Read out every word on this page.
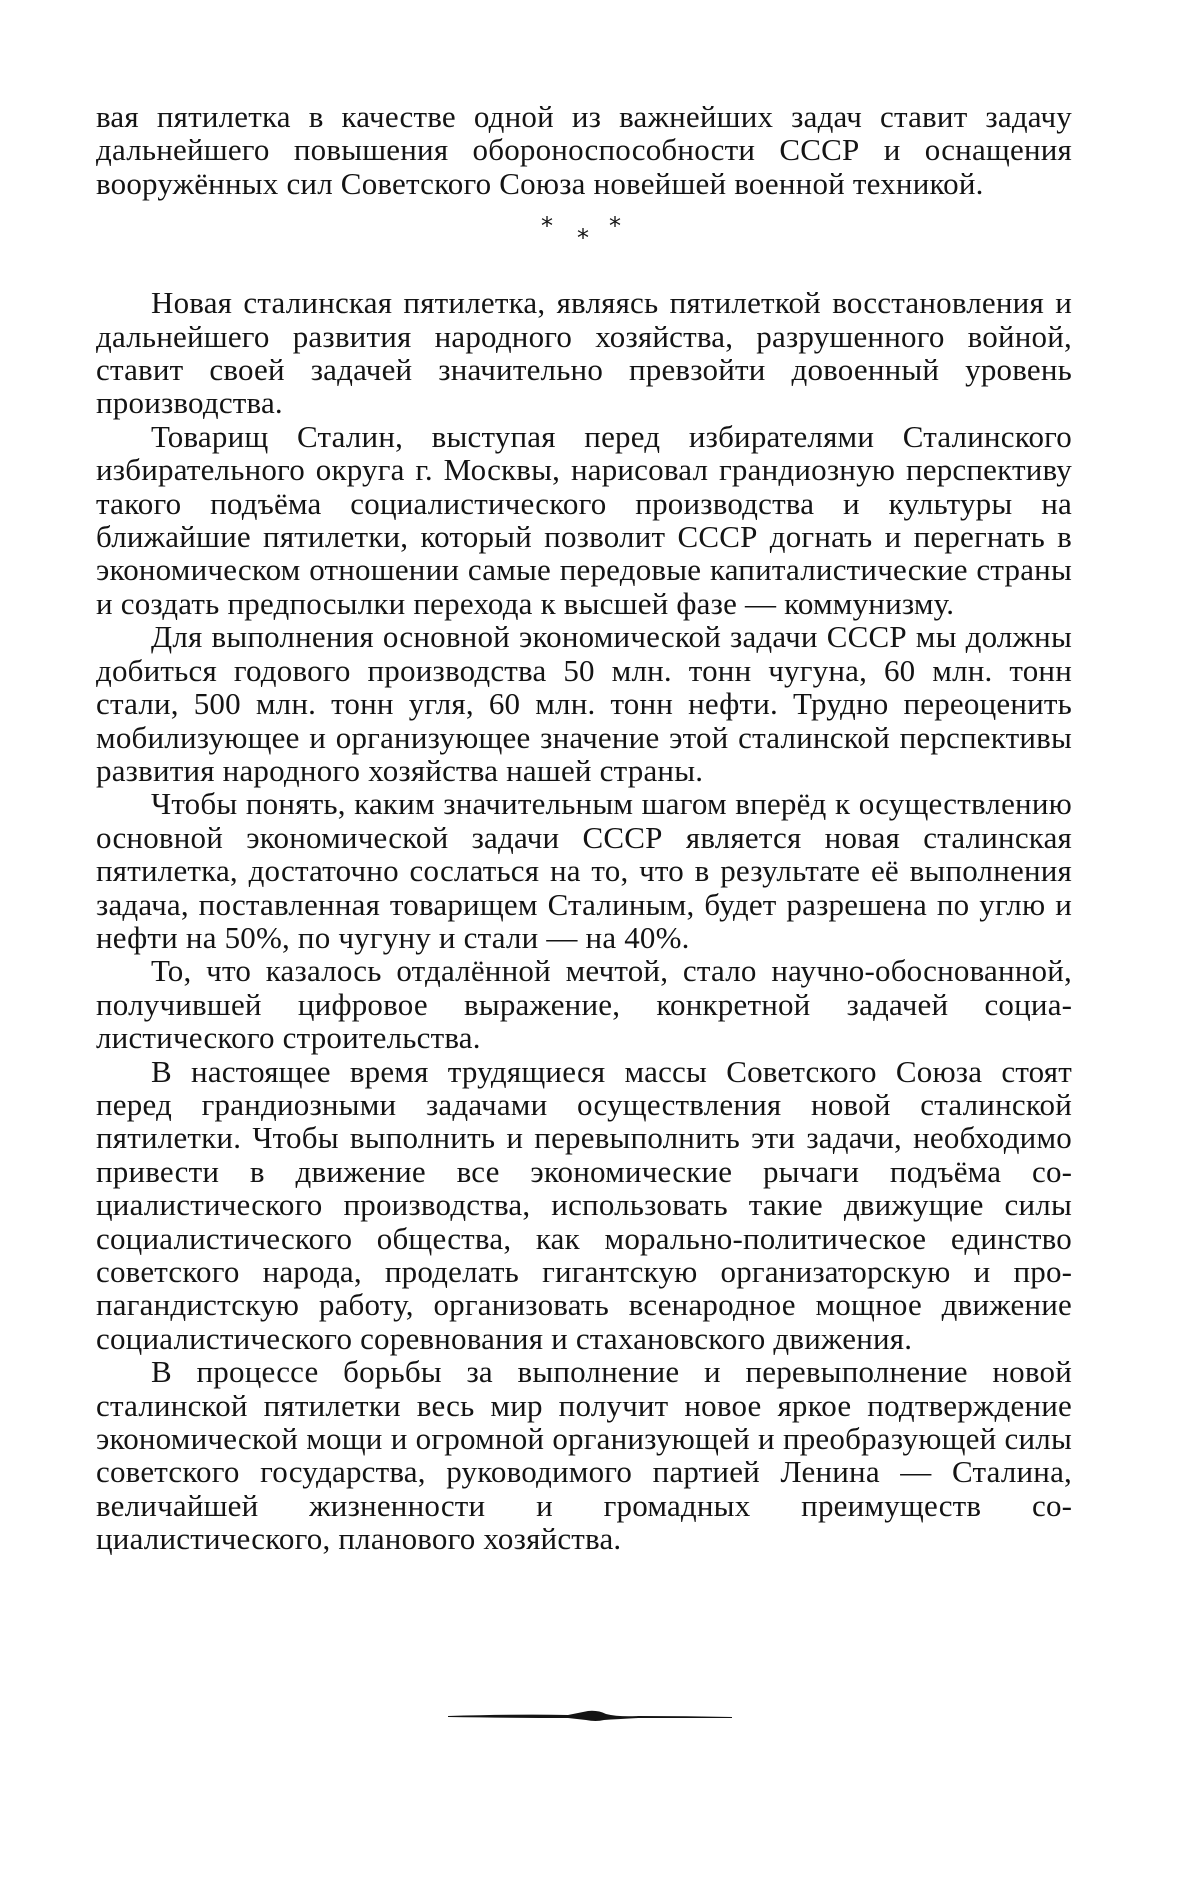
вая пятилетка в качестве одной из важнейших задач ставит задачу дальнейшего повышения обороноспособности СССР и оснащения вооружённых сил Советского Союза новейшей военной техникой.

* * *

Новая сталинская пятилетка, являясь пятилеткой восстановления и дальнейшего развития народного хозяйства, разрушенного войной, ставит своей задачей значительно превзойти довоенный уровень производства.

Товарищ Сталин, выступая перед избирателями Сталинского избирательного округа г. Москвы, нарисовал грандиозную перспективу такого подъёма социалистического производства и культуры на ближайшие пятилетки, который позволит СССР догнать и перегнать в экономическом отношении самые передовые капиталистические страны и создать предпосылки перехода к высшей фазе — коммунизму.

Для выполнения основной экономической задачи СССР мы должны добиться годового производства 50 млн. тонн чугуна, 60 млн. тонн стали, 500 млн. тонн угля, 60 млн. тонн нефти. Трудно переоценить мобилизующее и организующее значение этой сталинской перспективы развития народного хозяйства нашей страны.

Чтобы понять, каким значительным шагом вперёд к осуществлению основной экономической задачи СССР является новая сталинская пятилетка, достаточно сослаться на то, что в результате её выполнения задача, поставленная товарищем Сталиным, будет разрешена по углю и нефти на 50%, по чугуну и стали — на 40%.

То, что казалось отдалённой мечтой, стало научно-обоснованной, получившей цифровое выражение, конкретной задачей социалистического строительства.

В настоящее время трудящиеся массы Советского Союза стоят перед грандиозными задачами осуществления новой сталинской пятилетки. Чтобы выполнить и перевыполнить эти задачи, необходимо привести в движение все экономические рычаги подъёма социалистического производства, использовать такие движущие силы социалистического общества, как морально-политическое единство советского народа, проделать гигантскую организаторскую и пропагандистскую работу, организовать всенародное мощное движение социалистического соревнования и стахановского движения.

В процессе борьбы за выполнение и перевыполнение новой сталинской пятилетки весь мир получит новое яркое подтверждение экономической мощи и огромной организующей и преобразующей силы советского государства, руководимого партией Ленина — Сталина, величайшей жизненности и громадных преимуществ социалистического, планового хозяйства.
